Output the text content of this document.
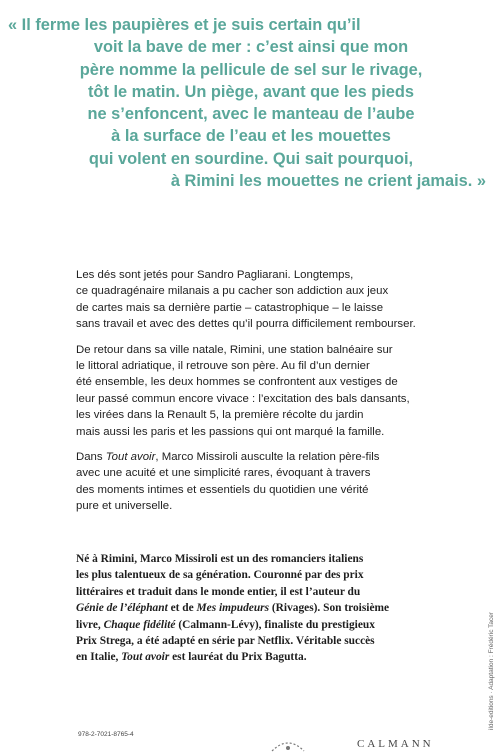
« Il ferme les paupières et je suis certain qu’il
voit la bave de mer : c’est ainsi que mon
père nomme la pellicule de sel sur le rivage,
tôt le matin. Un piège, avant que les pieds
ne s’enfoncent, avec le manteau de l’aube
à la surface de l’eau et les mouettes
qui volent en sourdine. Qui sait pourquoi,
à Rimini les mouettes ne crient jamais. »

Les dés sont jetés pour Sandro Pagliarani. Longtemps,
ce quadragénaire milanais a pu cacher son addiction aux jeux
de cartes mais sa dernière partie – catastrophique – le laisse
sans travail et avec des dettes qu’il pourra difficilement rembourser.

De retour dans sa ville natale, Rimini, une station balnéaire sur
le littoral adriatique, il retrouve son père. Au fil d’un dernier
été ensemble, les deux hommes se confrontent aux vestiges de
leur passé commun encore vivace : l’excitation des bals dansants,
les virées dans la Renault 5, la première récolte du jardin
mais aussi les paris et les passions qui ont marqué la famille.

Dans Tout avoir, Marco Missiroli ausculte la relation père-fils
avec une acuité et une simplicité rares, évoquant à travers
des moments intimes et essentiels du quotidien une vérité
pure et universelle.

Né à Rimini, Marco Missiroli est un des romanciers italiens
les plus talentueux de sa génération. Couronné par des prix
littéraires et traduit dans le monde entier, il est l’auteur du
Génie de l’éléphant et de Mes impudeurs (Rivages). Son troisième
livre, Chaque fidélité (Calmann-Lévy), finaliste du prestigieux
Prix Strega, a été adapté en série par Netflix. Véritable succès
en Italie, Tout avoir est lauréat du Prix Bagutta.	ilde-editions · Adaptation : Frédéric Tacer
978-2-7021-8765-4
CALMANN
